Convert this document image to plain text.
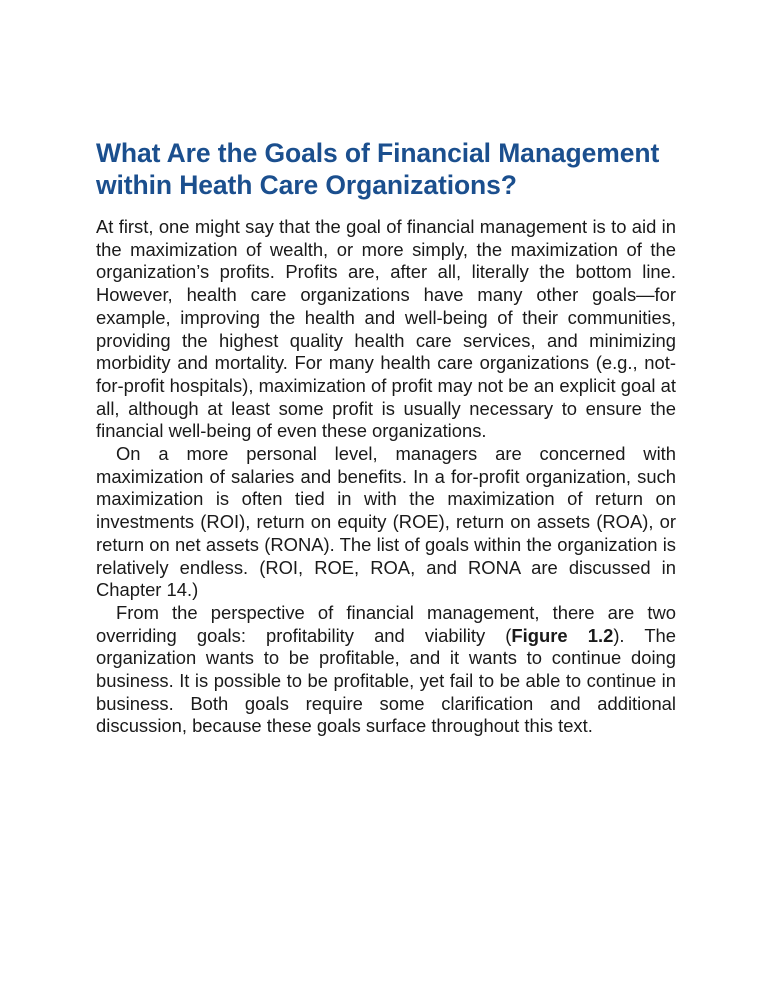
What Are the Goals of Financial Management within Heath Care Organizations?

At first, one might say that the goal of financial management is to aid in the maximization of wealth, or more simply, the maximization of the organization’s profits. Profits are, after all, literally the bottom line. However, health care organizations have many other goals—for example, improving the health and well-being of their communities, providing the highest quality health care services, and minimizing morbidity and mortality. For many health care organizations (e.g., not-for-profit hospitals), maximization of profit may not be an explicit goal at all, although at least some profit is usually necessary to ensure the financial well-being of even these organizations.

On a more personal level, managers are concerned with maximization of salaries and benefits. In a for-profit organization, such maximization is often tied in with the maximization of return on investments (ROI), return on equity (ROE), return on assets (ROA), or return on net assets (RONA). The list of goals within the organization is relatively endless. (ROI, ROE, ROA, and RONA are discussed in Chapter 14.)

From the perspective of financial management, there are two overriding goals: profitability and viability (Figure 1.2). The organization wants to be profitable, and it wants to continue doing business. It is possible to be profitable, yet fail to be able to continue in business. Both goals require some clarification and additional discussion, because these goals surface throughout this text.
